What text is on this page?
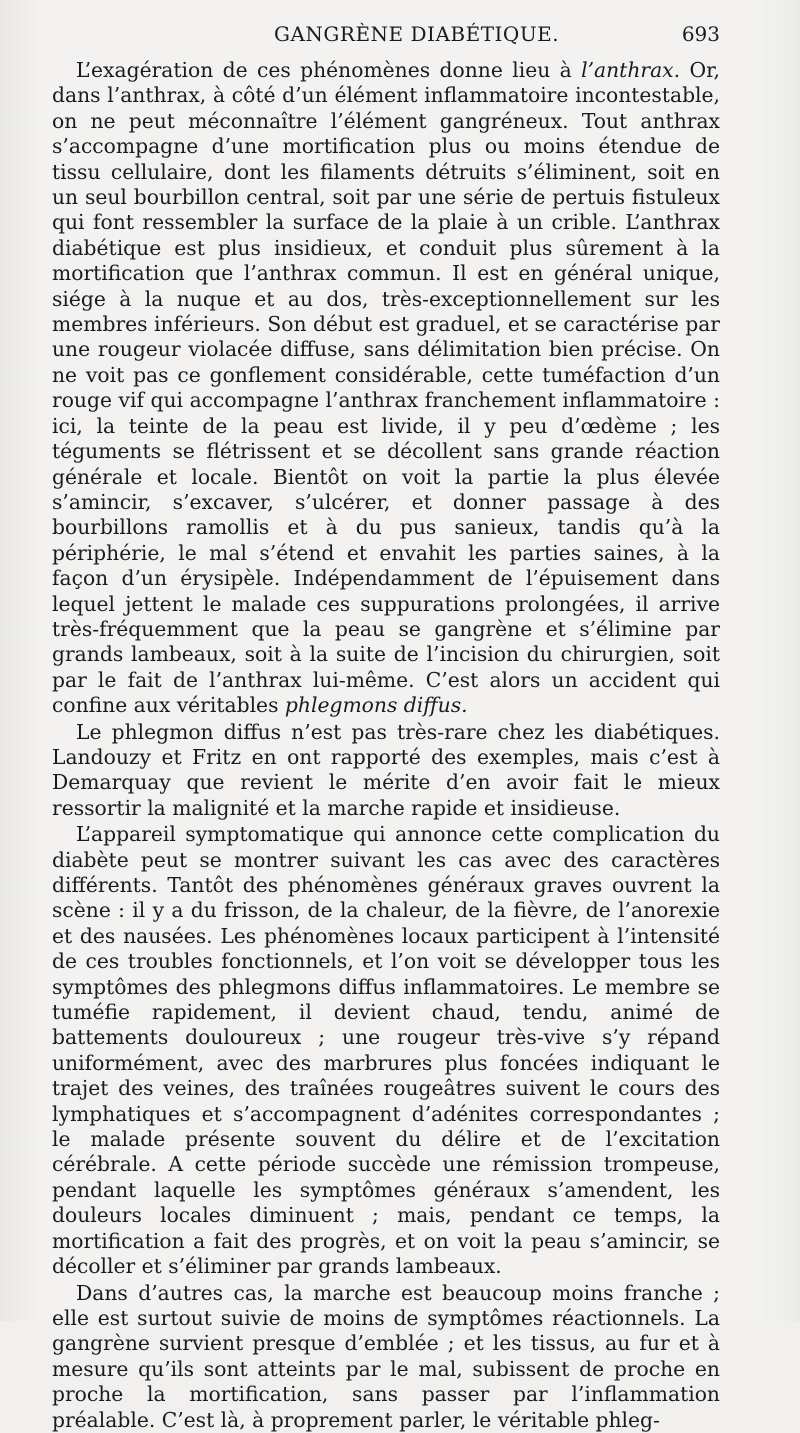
GANGRÈNE DIABÉTIQUE.	693

L’exagération de ces phénomènes donne lieu à l’anthrax. Or, dans l’anthrax, à côté d’un élément inflammatoire incontestable, on ne peut méconnaître l’élément gangréneux. Tout anthrax s’accompagne d’une mortification plus ou moins étendue de tissu cellulaire, dont les filaments détruits s’éliminent, soit en un seul bourbillon central, soit par une série de pertuis fistuleux qui font ressembler la surface de la plaie à un crible. L’anthrax diabétique est plus insidieux, et conduit plus sûrement à la mortification que l’anthrax commun. Il est en général unique, siége à la nuque et au dos, très-exceptionnellement sur les membres inférieurs. Son début est graduel, et se caractérise par une rougeur violacée diffuse, sans délimitation bien précise. On ne voit pas ce gonflement considérable, cette tuméfaction d’un rouge vif qui accompagne l’anthrax franchement inflammatoire : ici, la teinte de la peau est livide, il y peu d’œdème ; les téguments se flétrissent et se décollent sans grande réaction générale et locale. Bientôt on voit la partie la plus élevée s’amincir, s’excaver, s’ulcérer, et donner passage à des bourbillons ramollis et à du pus sanieux, tandis qu’à la périphérie, le mal s’étend et envahit les parties saines, à la façon d’un érysipèle. Indépendamment de l’épuisement dans lequel jettent le malade ces suppurations prolongées, il arrive très-fréquemment que la peau se gangrène et s’élimine par grands lambeaux, soit à la suite de l’incision du chirurgien, soit par le fait de l’anthrax lui-même. C’est alors un accident qui confine aux véritables phlegmons diffus.

Le phlegmon diffus n’est pas très-rare chez les diabétiques. Landouzy et Fritz en ont rapporté des exemples, mais c’est à Demarquay que revient le mérite d’en avoir fait le mieux ressortir la malignité et la marche rapide et insidieuse.

L’appareil symptomatique qui annonce cette complication du diabète peut se montrer suivant les cas avec des caractères différents. Tantôt des phénomènes généraux graves ouvrent la scène : il y a du frisson, de la chaleur, de la fièvre, de l’anorexie et des nausées. Les phénomènes locaux participent à l’intensité de ces troubles fonctionnels, et l’on voit se développer tous les symptômes des phlegmons diffus inflammatoires. Le membre se tuméfie rapidement, il devient chaud, tendu, animé de battements douloureux ; une rougeur très-vive s’y répand uniformément, avec des marbrures plus foncées indiquant le trajet des veines, des traînées rougeâtres suivent le cours des lymphatiques et s’accompagnent d’adénites correspondantes ; le malade présente souvent du délire et de l’excitation cérébrale. A cette période succède une rémission trompeuse, pendant laquelle les symptômes généraux s’amendent, les douleurs locales diminuent ; mais, pendant ce temps, la mortification a fait des progrès, et on voit la peau s’amincir, se décoller et s’éliminer par grands lambeaux.

Dans d’autres cas, la marche est beaucoup moins franche ; elle est surtout suivie de moins de symptômes réactionnels. La gangrène survient presque d’emblée ; et les tissus, au fur et à mesure qu’ils sont atteints par le mal, subissent de proche en proche la mortification, sans passer par l’inflammation préalable. C’est là, à proprement parler, le véritable phleg-
